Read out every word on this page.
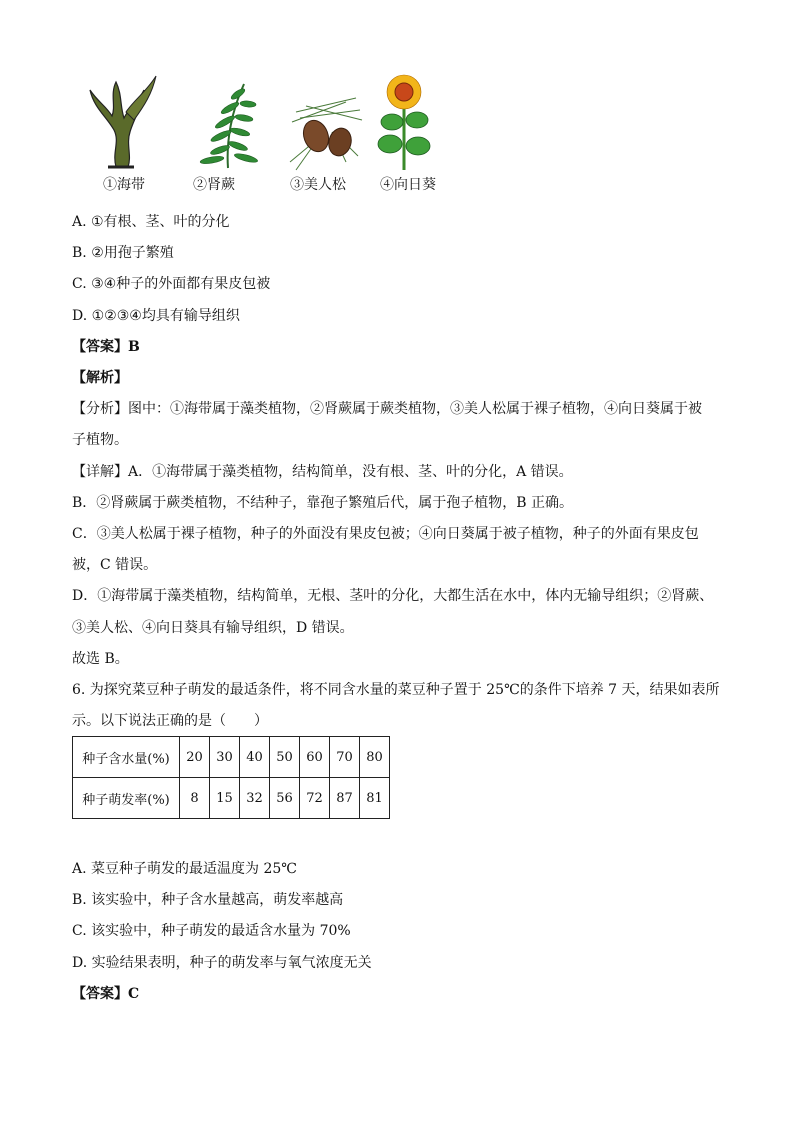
①海带	②肾蕨	③美人松 ④向日葵
A. ①有根、茎、叶的分化
B. ②用孢子繁殖
C. ③④种子的外面都有果皮包被
D. ①②③④均具有输导组织
【答案】B
【解析】
【分析】图中：①海带属于藻类植物，②肾蕨属于蕨类植物，③美人松属于裸子植物，④向日葵属于被
子植物。
【详解】A．①海带属于藻类植物，结构简单，没有根、茎、叶的分化，A 错误。
B．②肾蕨属于蕨类植物，不结种子，靠孢子繁殖后代，属于孢子植物，B 正确。
C．③美人松属于裸子植物，种子的外面没有果皮包被；④向日葵属于被子植物，种子的外面有果皮包
被，C 错误。
D．①海带属于藻类植物，结构简单，无根、茎叶的分化，大都生活在水中，体内无输导组织；②肾蕨、
③美人松、④向日葵具有输导组织，D 错误。
故选 B。
6. 为探究菜豆种子萌发的最适条件，将不同含水量的菜豆种子置于 25℃的条件下培养 7 天，结果如表所
示。以下说法正确的是（　　）
种子含水量(%)	20	30	40	50	60	70	80
种子萌发率(%)	8	15	32	56	72	87	81
A. 菜豆种子萌发的最适温度为 25℃
B. 该实验中，种子含水量越高，萌发率越高
C. 该实验中，种子萌发的最适含水量为 70%
D. 实验结果表明，种子的萌发率与氧气浓度无关
【答案】C
